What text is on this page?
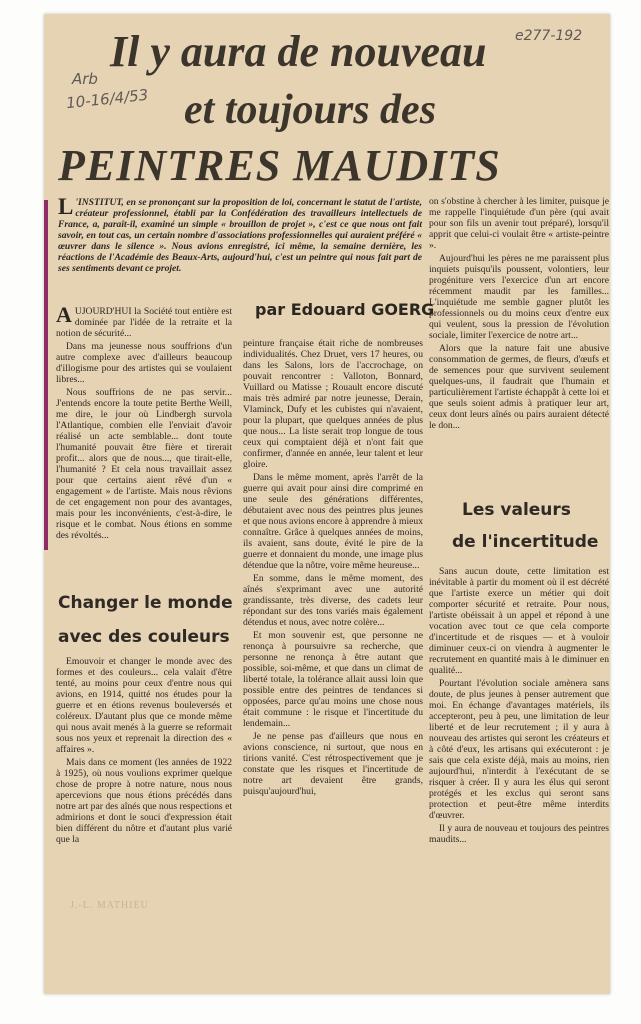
e277-192
Arb
10-16/4/53
Il y aura de nouveau
et toujours des
PEINTRES MAUDITS

L 'INSTITUT, en se prononçant sur la proposition de loi, concernant le statut de l'artiste, créateur professionnel, établi par la Confédération des travailleurs intellectuels de France, a, paraît-il, examiné un simple « brouillon de projet », c'est ce que nous ont fait savoir, en tout cas, un certain nombre d'associations professionnelles qui auraient préféré « œuvrer dans le silence ». Nous avions enregistré, ici même, la semaine dernière, les réactions de l'Académie des Beaux-Arts, aujourd'hui, c'est un peintre qui nous fait part de ses sentiments devant ce projet.

par Edouard GOERG

AUJOURD'HUI la Société tout entière est dominée par l'idée de la retraite et la notion de sécurité...

Dans ma jeunesse nous souffrions d'un autre complexe avec d'ailleurs beaucoup d'illogisme pour des artistes qui se voulaient libres...

Nous souffrions de ne pas servir... J'entends encore la toute petite Berthe Weill, me dire, le jour où Lindbergh survola l'Atlantique, combien elle l'enviait d'avoir réalisé un acte semblable... dont toute l'humanité pouvait être fière et tirerait profit... alors que de nous..., que tirait-elle, l'humanité ? Et cela nous travaillait assez pour que certains aient rêvé d'un « engagement » de l'artiste. Mais nous rêvions de cet engagement non pour des avantages, mais pour les inconvénients, c'est-à-dire, le risque et le combat. Nous étions en somme des révoltés...

Changer le monde
avec des couleurs

Emouvoir et changer le monde avec des formes et des couleurs... cela valait d'être tenté, au moins pour ceux d'entre nous qui avions, en 1914, quitté nos études pour la guerre et en étions revenus bouleversés et coléreux. D'autant plus que ce monde même qui nous avait menés à la guerre se reformait sous nos yeux et reprenait la direction des « affaires ».

Mais dans ce moment (les années de 1922 à 1925), où nous voulions exprimer quelque chose de propre à notre nature, nous nous apercevions que nous étions précédés dans notre art par des aînés que nous respections et admirions et dont le souci d'expression était bien différent du nôtre et d'autant plus varié que la

peinture française était riche de nombreuses individualités. Chez Druet, vers 17 heures, ou dans les Salons, lors de l'accrochage, on pouvait rencontrer : Valloton, Bonnard, Vuillard ou Matisse ; Rouault encore discuté mais très admiré par notre jeunesse, Derain, Vlaminck, Dufy et les cubistes qui n'avaient, pour la plupart, que quelques années de plus que nous... La liste serait trop longue de tous ceux qui comptaient déjà et n'ont fait que confirmer, d'année en année, leur talent et leur gloire.

Dans le même moment, après l'arrêt de la guerre qui avait pour ainsi dire comprimé en une seule des générations différentes, débutaient avec nous des peintres plus jeunes et que nous avions encore à apprendre à mieux connaître. Grâce à quelques années de moins, ils avaient, sans doute, évité le pire de la guerre et donnaient du monde, une image plus détendue que la nôtre, voire même heureuse...

En somme, dans le même moment, des aînés s'exprimant avec une autorité grandissante, très diverse, des cadets leur répondant sur des tons variés mais également détendus et nous, avec notre colère...

Et mon souvenir est, que personne ne renonça à poursuivre sa recherche, que personne ne renonça à être autant que possible, soi-même, et que dans un climat de liberté totale, la tolérance allait aussi loin que possible entre des peintres de tendances si opposées, parce qu'au moins une chose nous était commune : le risque et l'incertitude du lendemain...

Je ne pense pas d'ailleurs que nous en avions conscience, ni surtout, que nous en tirions vanité. C'est rétrospectivement que je constate que les risques et l'incertitude de notre art devaient être grands, puisqu'aujourd'hui,

on s'obstine à chercher à les limiter, puisque je me rappelle l'inquiétude d'un père (qui avait pour son fils un avenir tout préparé), lorsqu'il apprit que celui-ci voulait être « artiste-peintre ».

Aujourd'hui les pères ne me paraissent plus inquiets puisqu'ils poussent, volontiers, leur progéniture vers l'exercice d'un art encore récemment maudit par les familles... L'inquiétude me semble gagner plutôt les professionnels ou du moins ceux d'entre eux qui veulent, sous la pression de l'évolution sociale, limiter l'exercice de notre art...

Alors que la nature fait une abusive consommation de germes, de fleurs, d'œufs et de semences pour que survivent seulement quelques-uns, il faudrait que l'humain et particulièrement l'artiste échappât à cette loi et que seuls soient admis à pratiquer leur art, ceux dont leurs aînés ou pairs auraient détecté le don...

Les valeurs
de l'incertitude

Sans aucun doute, cette limitation est inévitable à partir du moment où il est décrété que l'artiste exerce un métier qui doit comporter sécurité et retraite. Pour nous, l'artiste obéissait à un appel et répond à une vocation avec tout ce que cela comporte d'incertitude et de risques — et à vouloir diminuer ceux-ci on viendra à augmenter le recrutement en quantité mais à le diminuer en qualité...

Pourtant l'évolution sociale amènera sans doute, de plus jeunes à penser autrement que moi. En échange d'avantages matériels, ils accepteront, peu à peu, une limitation de leur liberté et de leur recrutement ; il y aura à nouveau des artistes qui seront les créateurs et à côté d'eux, les artisans qui exécuteront : je sais que cela existe déjà, mais au moins, rien aujourd'hui, n'interdit à l'exécutant de se risquer à créer. Il y aura les élus qui seront protégés et les exclus qui seront sans protection et peut-être même interdits d'œuvrer.

Il y aura de nouveau et toujours des peintres maudits...

J.-L. MATHIEU
